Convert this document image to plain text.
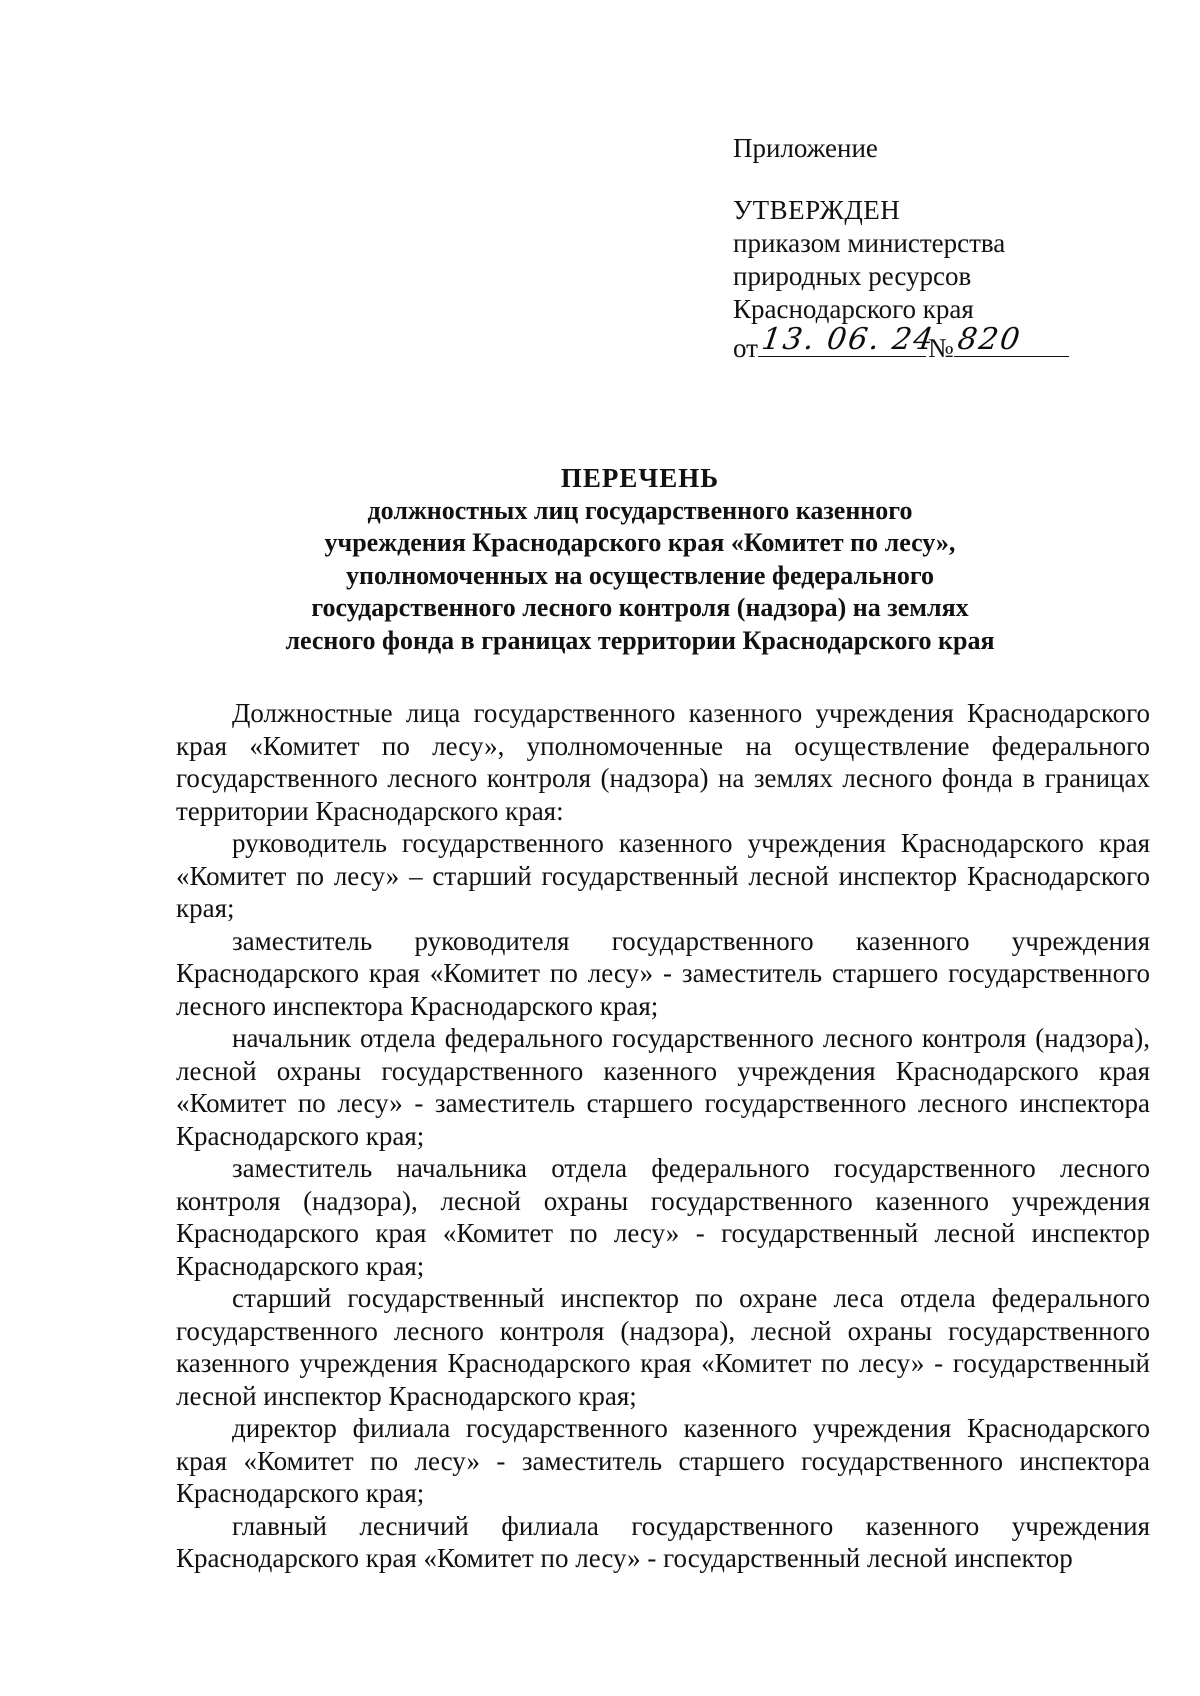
Приложение

УТВЕРЖДЕН

приказом министерства

природных ресурсов

Краснодарского края

от 13. 06. 24
№ 820

ПЕРЕЧЕНЬ
должностных лиц государственного казенного
учреждения Краснодарского края «Комитет по лесу»,
уполномоченных на осуществление федерального
государственного лесного контроля (надзора) на землях
лесного фонда в границах территории Краснодарского края

Должностные лица государственного казенного учреждения Краснодарского края «Комитет по лесу», уполномоченные на осуществление федерального государственного лесного контроля (надзора) на землях лесного фонда в границах территории Краснодарского края:

руководитель государственного казенного учреждения Краснодарского края «Комитет по лесу» – старший государственный лесной инспектор Краснодарского края;

заместитель руководителя государственного казенного учреждения Краснодарского края «Комитет по лесу» - заместитель старшего государственного лесного инспектора Краснодарского края;

начальник отдела федерального государственного лесного контроля (надзора), лесной охраны государственного казенного учреждения Краснодарского края «Комитет по лесу» - заместитель старшего государственного лесного инспектора Краснодарского края;

заместитель начальника отдела федерального государственного лесного контроля (надзора), лесной охраны государственного казенного учреждения Краснодарского края «Комитет по лесу» - государственный лесной инспектор Краснодарского края;

старший государственный инспектор по охране леса отдела федерального государственного лесного контроля (надзора), лесной охраны государственного казенного учреждения Краснодарского края «Комитет по лесу» - государственный лесной инспектор Краснодарского края;

директор филиала государственного казенного учреждения Краснодарского края «Комитет по лесу» - заместитель старшего государственного инспектора Краснодарского края;

главный лесничий филиала государственного казенного учреждения Краснодарского края «Комитет по лесу» - государственный лесной инспектор
